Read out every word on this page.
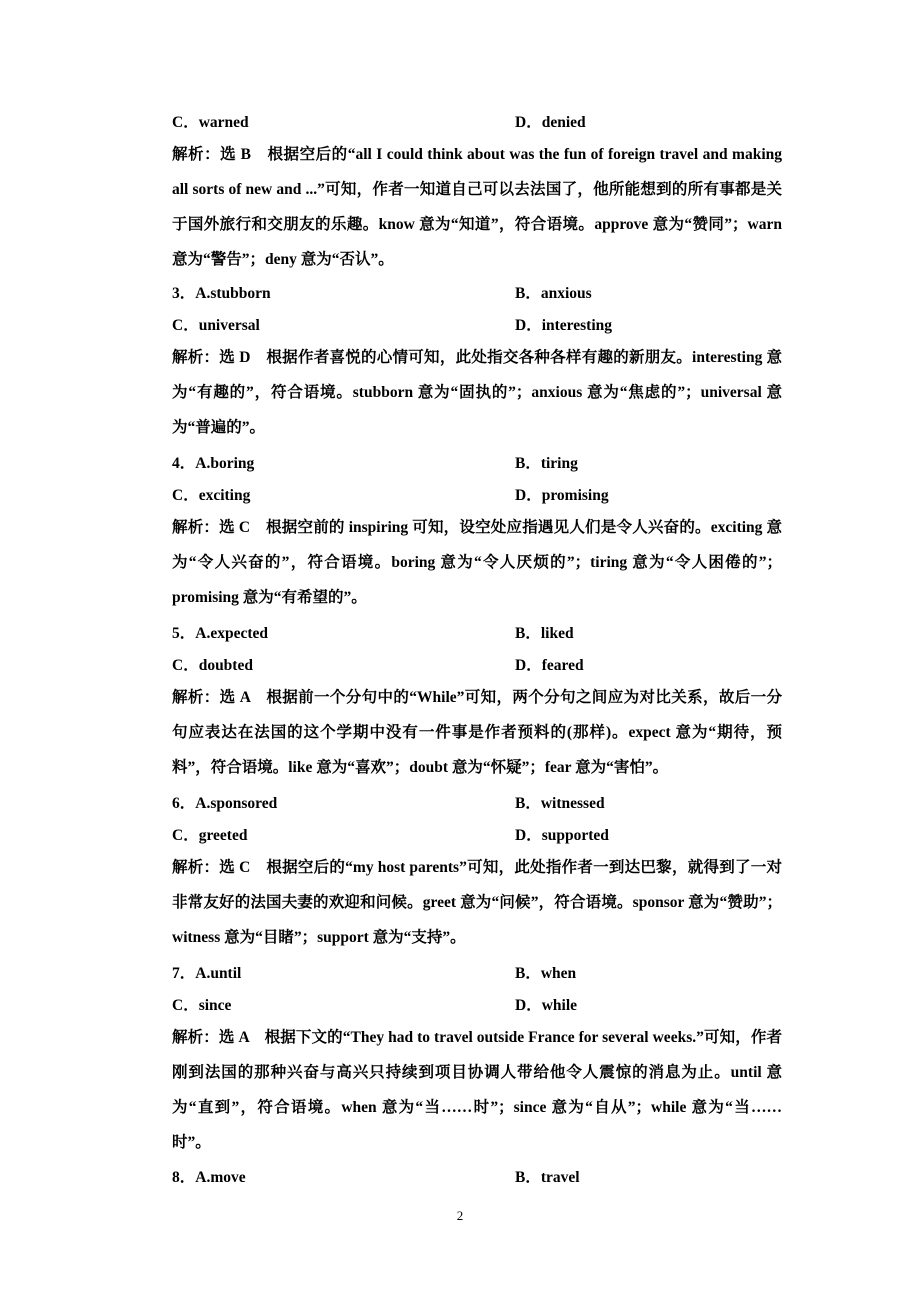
C．warned	D．denied
解析：选 B　根据空后的“all I could think about was the fun of foreign travel and making all sorts of new and ...”可知，作者一知道自己可以去法国了，他所能想到的所有事都是关于国外旅行和交朋友的乐趣。know 意为“知道”，符合语境。approve 意为“赞同”；warn 意为“警告”；deny 意为“否认”。
3．A.stubborn	B．anxious
C．universal	D．interesting
解析：选 D　根据作者喜悦的心情可知，此处指交各种各样有趣的新朋友。interesting 意为“有趣的”，符合语境。stubborn 意为“固执的”；anxious 意为“焦虑的”；universal 意为“普遍的”。
4．A.boring	B．tiring
C．exciting	D．promising
解析：选 C　根据空前的 inspiring 可知，设空处应指遇见人们是令人兴奋的。exciting 意为“令人兴奋的”，符合语境。boring 意为“令人厌烦的”；tiring 意为“令人困倦的”；promising 意为“有希望的”。
5．A.expected	B．liked
C．doubted	D．feared
解析：选 A　根据前一个分句中的“While”可知，两个分句之间应为对比关系，故后一分句应表达在法国的这个学期中没有一件事是作者预料的(那样)。expect 意为“期待，预料”，符合语境。like 意为“喜欢”；doubt 意为“怀疑”；fear 意为“害怕”。
6．A.sponsored	B．witnessed
C．greeted	D．supported
解析：选 C　根据空后的“my host parents”可知，此处指作者一到达巴黎，就得到了一对非常友好的法国夫妻的欢迎和问候。greet 意为“问候”，符合语境。sponsor 意为“赞助”；witness 意为“目睹”；support 意为“支持”。
7．A.until	B．when
C．since	D．while
解析：选 A　根据下文的“They had to travel outside France for several weeks.”可知，作者刚到法国的那种兴奋与高兴只持续到项目协调人带给他令人震惊的消息为止。until 意为“直到”，符合语境。when 意为“当……时”；since 意为“自从”；while 意为“当……时”。
8．A.move	B．travel
2
